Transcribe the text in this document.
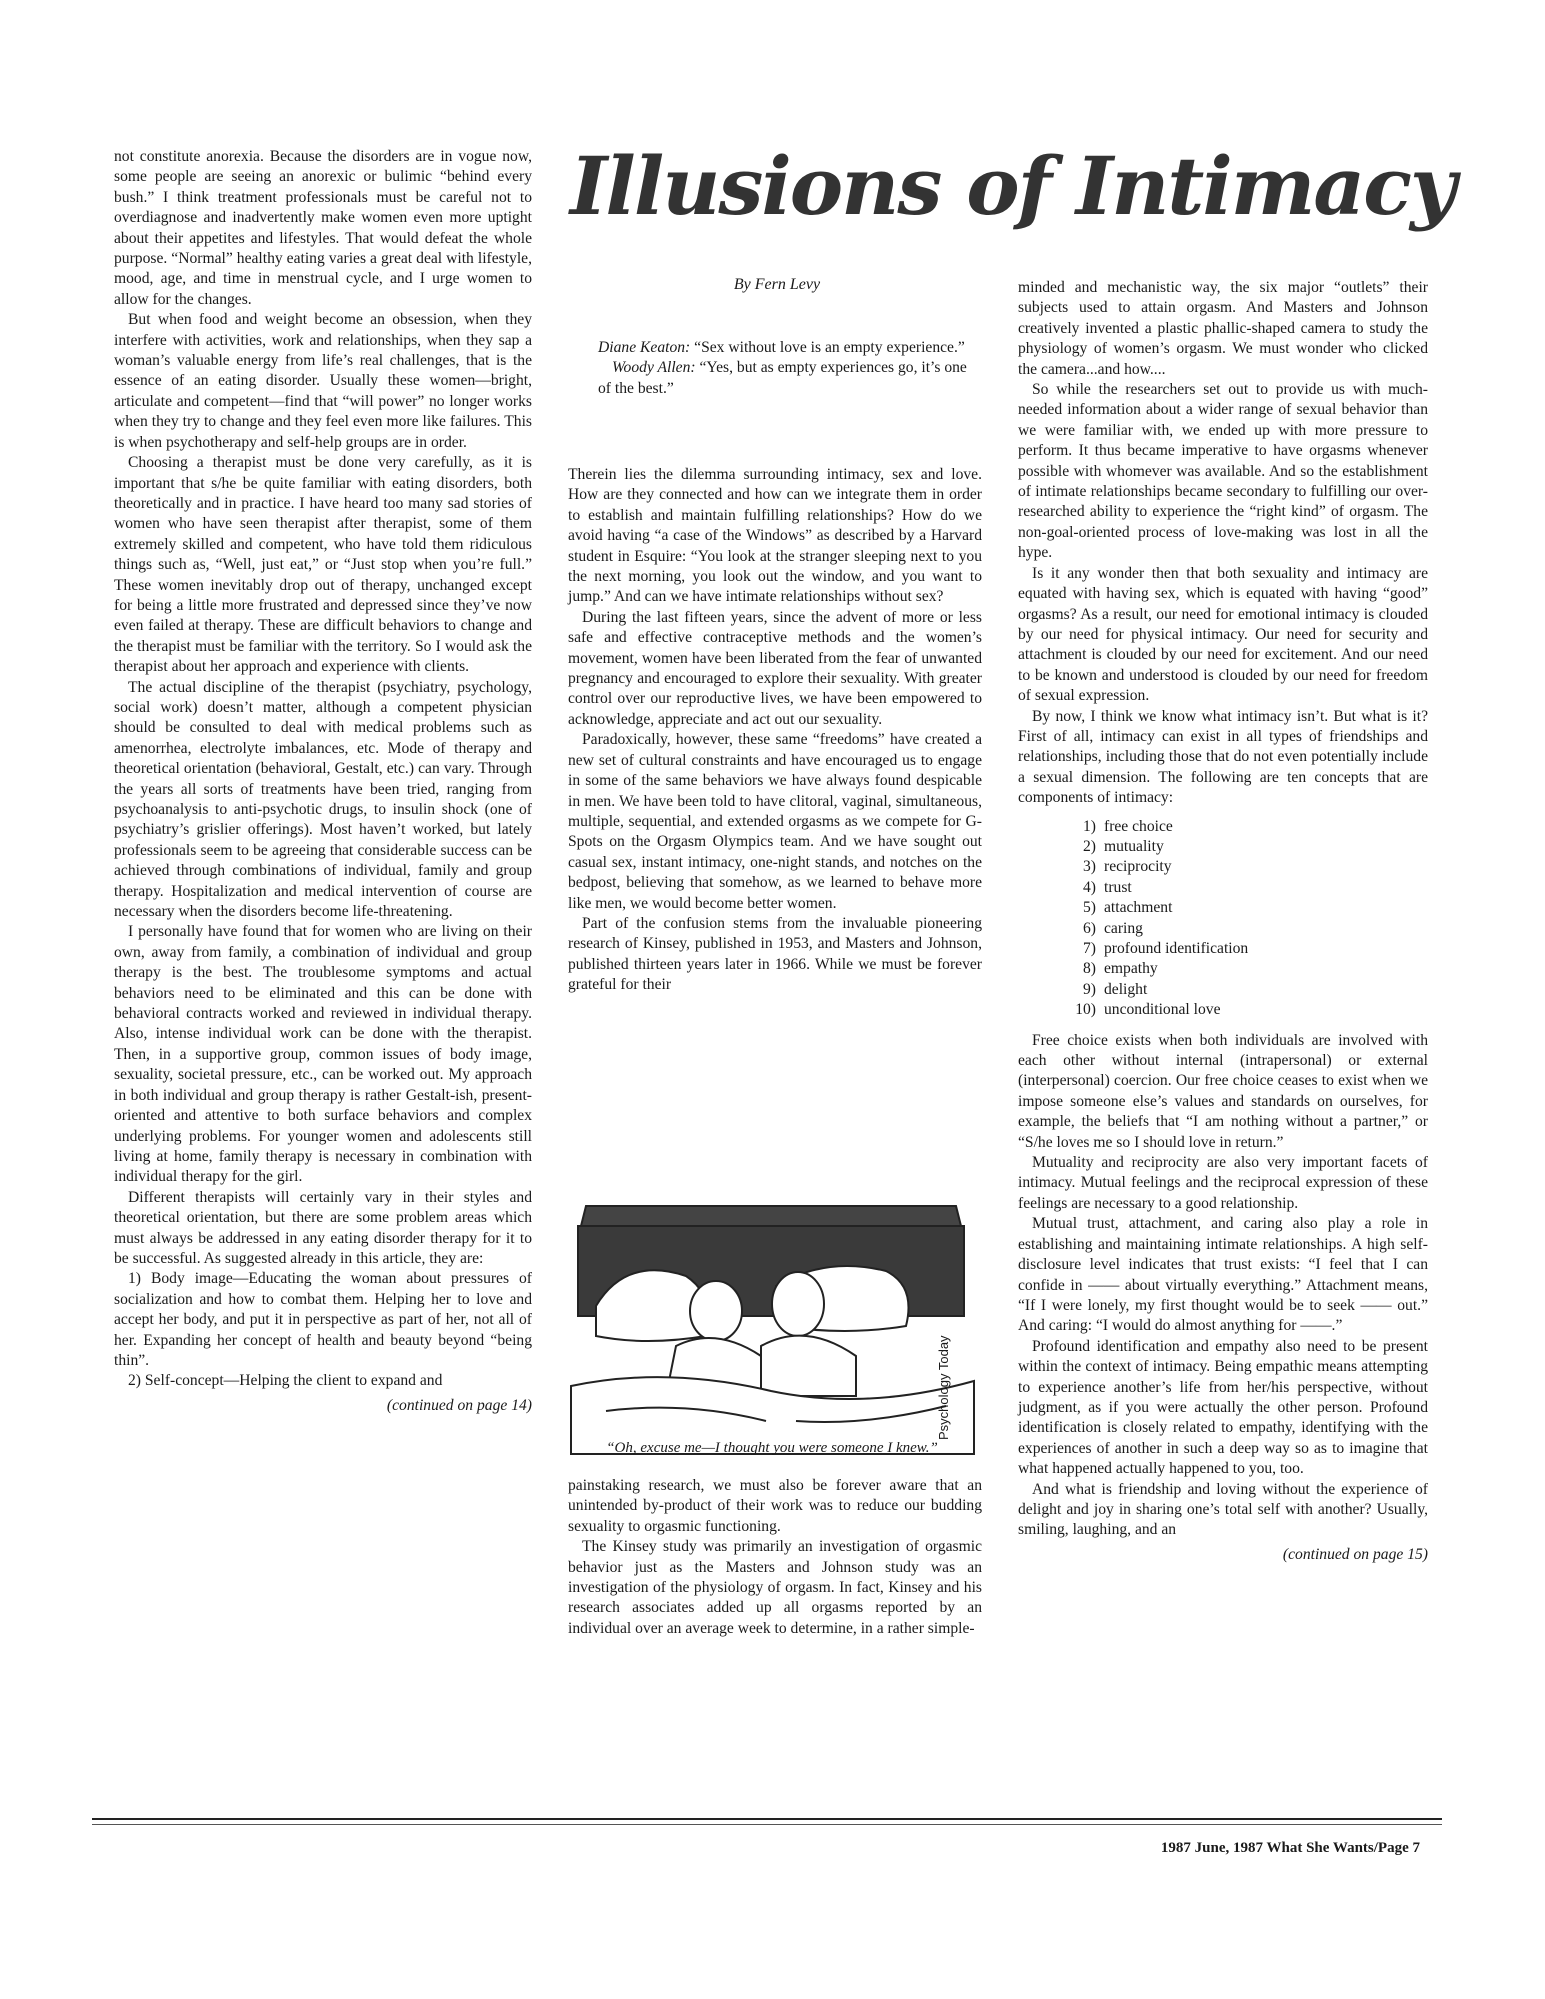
Illusions of Intimacy
By Fern Levy

Diane Keaton: “Sex without love is an empty experience.”

Woody Allen: “Yes, but as empty experiences go, it’s one of the best.”

not constitute anorexia. Because the disorders are in vogue now, some people are seeing an anorexic or bulimic “behind every bush.” I think treatment professionals must be careful not to overdiagnose and inadvertently make women even more uptight about their appetites and lifestyles. That would defeat the whole purpose. “Normal” healthy eating varies a great deal with lifestyle, mood, age, and time in menstrual cycle, and I urge women to allow for the changes.

But when food and weight become an obsession, when they interfere with activities, work and relationships, when they sap a woman’s valuable energy from life’s real challenges, that is the essence of an eating disorder. Usually these women—bright, articulate and competent—find that “will power” no longer works when they try to change and they feel even more like failures. This is when psychotherapy and self-help groups are in order.

Choosing a therapist must be done very carefully, as it is important that s/he be quite familiar with eating disorders, both theoretically and in practice. I have heard too many sad stories of women who have seen therapist after therapist, some of them extremely skilled and competent, who have told them ridiculous things such as, “Well, just eat,” or “Just stop when you’re full.” These women inevitably drop out of therapy, unchanged except for being a little more frustrated and depressed since they’ve now even failed at therapy. These are difficult behaviors to change and the therapist must be familiar with the territory. So I would ask the therapist about her approach and experience with clients.

The actual discipline of the therapist (psychiatry, psychology, social work) doesn’t matter, although a competent physician should be consulted to deal with medical problems such as amenorrhea, electrolyte imbalances, etc. Mode of therapy and theoretical orientation (behavioral, Gestalt, etc.) can vary. Through the years all sorts of treatments have been tried, ranging from psychoanalysis to anti-psychotic drugs, to insulin shock (one of psychiatry’s grislier offerings). Most haven’t worked, but lately professionals seem to be agreeing that considerable success can be achieved through combinations of individual, family and group therapy. Hospitalization and medical intervention of course are necessary when the disorders become life-threatening.

I personally have found that for women who are living on their own, away from family, a combination of individual and group therapy is the best. The troublesome symptoms and actual behaviors need to be eliminated and this can be done with behavioral contracts worked and reviewed in individual therapy. Also, intense individual work can be done with the therapist. Then, in a supportive group, common issues of body image, sexuality, societal pressure, etc., can be worked out. My approach in both individual and group therapy is rather Gestalt-ish, present-oriented and attentive to both surface behaviors and complex underlying problems. For younger women and adolescents still living at home, family therapy is necessary in combination with individual therapy for the girl.

Different therapists will certainly vary in their styles and theoretical orientation, but there are some problem areas which must always be addressed in any eating disorder therapy for it to be successful. As suggested already in this article, they are:

1) Body image—Educating the woman about pressures of socialization and how to combat them. Helping her to love and accept her body, and put it in perspective as part of her, not all of her. Expanding her concept of health and beauty beyond “being thin”.

2) Self-concept—Helping the client to expand and

(continued on page 14)

Therein lies the dilemma surrounding intimacy, sex and love. How are they connected and how can we integrate them in order to establish and maintain fulfilling relationships? How do we avoid having “a case of the Windows” as described by a Harvard student in Esquire: “You look at the stranger sleeping next to you the next morning, you look out the window, and you want to jump.” And can we have intimate relationships without sex?

During the last fifteen years, since the advent of more or less safe and effective contraceptive methods and the women’s movement, women have been liberated from the fear of unwanted pregnancy and encouraged to explore their sexuality. With greater control over our reproductive lives, we have been empowered to acknowledge, appreciate and act out our sexuality.

Paradoxically, however, these same “freedoms” have created a new set of cultural constraints and have encouraged us to engage in some of the same behaviors we have always found despicable in men. We have been told to have clitoral, vaginal, simultaneous, multiple, sequential, and extended orgasms as we compete for G-Spots on the Orgasm Olympics team. And we have sought out casual sex, instant intimacy, one-night stands, and notches on the bedpost, believing that somehow, as we learned to behave more like men, we would become better women.

Part of the confusion stems from the invaluable pioneering research of Kinsey, published in 1953, and Masters and Johnson, published thirteen years later in 1966. While we must be forever grateful for their

Psychology Today
“Oh, excuse me—I thought you were someone I knew.”

painstaking research, we must also be forever aware that an unintended by-product of their work was to reduce our budding sexuality to orgasmic functioning.

The Kinsey study was primarily an investigation of orgasmic behavior just as the Masters and Johnson study was an investigation of the physiology of orgasm. In fact, Kinsey and his research associates added up all orgasms reported by an individual over an average week to determine, in a rather simple-

minded and mechanistic way, the six major “outlets” their subjects used to attain orgasm. And Masters and Johnson creatively invented a plastic phallic-shaped camera to study the physiology of women’s orgasm. We must wonder who clicked the camera...and how....

So while the researchers set out to provide us with much-needed information about a wider range of sexual behavior than we were familiar with, we ended up with more pressure to perform. It thus became imperative to have orgasms whenever possible with whomever was available. And so the establishment of intimate relationships became secondary to fulfilling our over-researched ability to experience the “right kind” of orgasm. The non-goal-oriented process of love-making was lost in all the hype.

Is it any wonder then that both sexuality and intimacy are equated with having sex, which is equated with having “good” orgasms? As a result, our need for emotional intimacy is clouded by our need for physical intimacy. Our need for security and attachment is clouded by our need for excitement. And our need to be known and understood is clouded by our need for freedom of sexual expression.

By now, I think we know what intimacy isn’t. But what is it? First of all, intimacy can exist in all types of friendships and relationships, including those that do not even potentially include a sexual dimension. The following are ten concepts that are components of intimacy:

1) free choice
2) mutuality
3) reciprocity
4) trust
5) attachment
6) caring
7) profound identification
8) empathy
9) delight
10) unconditional love

Free choice exists when both individuals are involved with each other without internal (intrapersonal) or external (interpersonal) coercion. Our free choice ceases to exist when we impose someone else’s values and standards on ourselves, for example, the beliefs that “I am nothing without a partner,” or “S/he loves me so I should love in return.”

Mutuality and reciprocity are also very important facets of intimacy. Mutual feelings and the reciprocal expression of these feelings are necessary to a good relationship.

Mutual trust, attachment, and caring also play a role in establishing and maintaining intimate relationships. A high self-disclosure level indicates that trust exists: “I feel that I can confide in —— about virtually everything.” Attachment means, “If I were lonely, my first thought would be to seek —— out.” And caring: “I would do almost anything for ——.”

Profound identification and empathy also need to be present within the context of intimacy. Being empathic means attempting to experience another’s life from her/his perspective, without judgment, as if you were actually the other person. Profound identification is closely related to empathy, identifying with the experiences of another in such a deep way so as to imagine that what happened actually happened to you, too.

And what is friendship and loving without the experience of delight and joy in sharing one’s total self with another? Usually, smiling, laughing, and an

(continued on page 15)

1987 June, 1987 What She Wants/Page 7
